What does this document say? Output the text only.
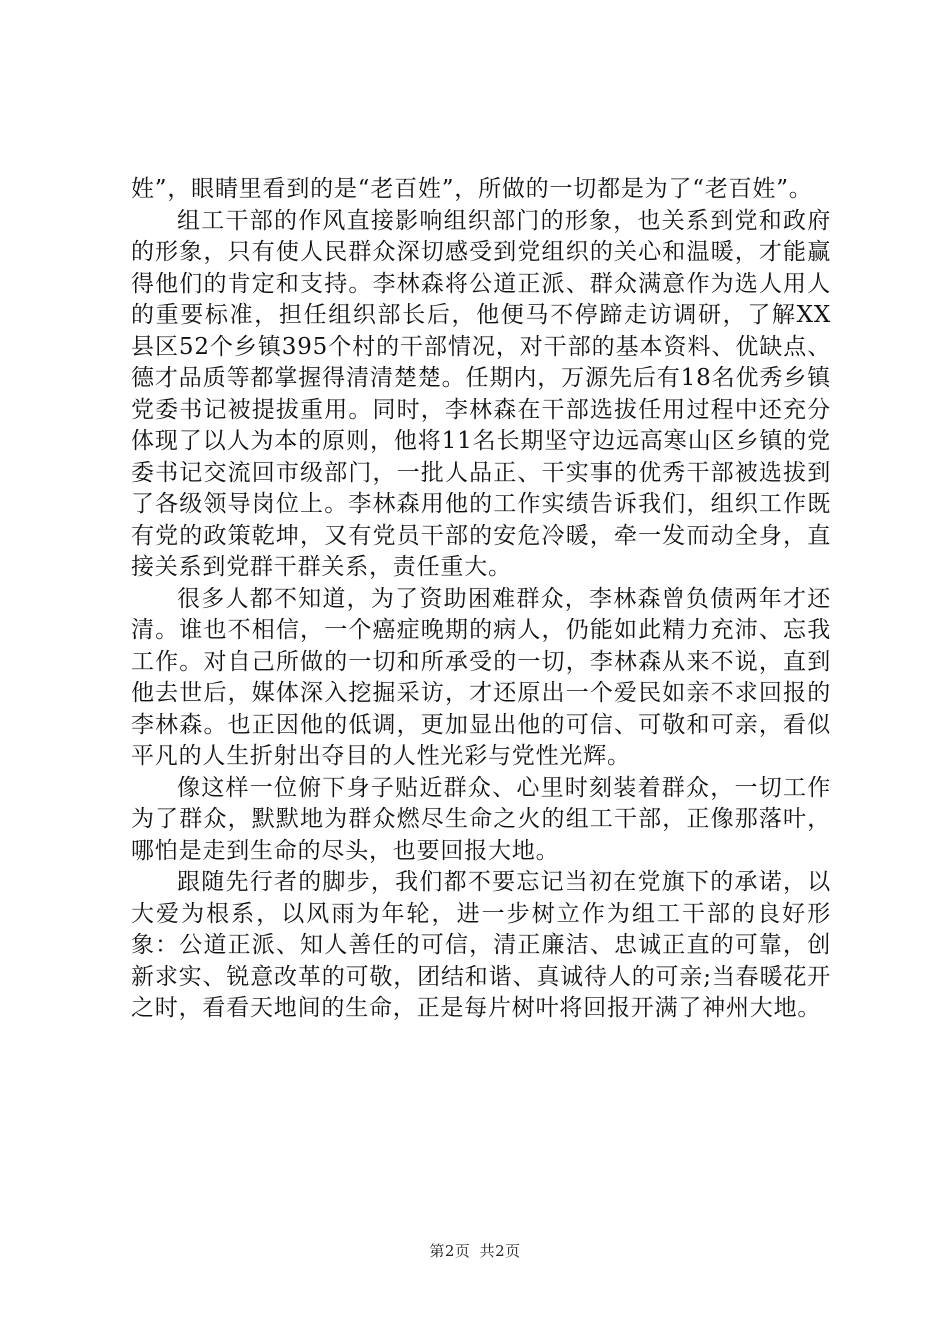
姓”，眼睛里看到的是“老百姓”，所做的一切都是为了“老百姓”。

组工干部的作风直接影响组织部门的形象，也关系到党和政府的形象，只有使人民群众深切感受到党组织的关心和温暖，才能赢得他们的肯定和支持。李林森将公道正派、群众满意作为选人用人的重要标准，担任组织部长后，他便马不停蹄走访调研，了解XX县区52个乡镇395个村的干部情况，对干部的基本资料、优缺点、德才品质等都掌握得清清楚楚。任期内，万源先后有18名优秀乡镇党委书记被提拔重用。同时，李林森在干部选拔任用过程中还充分体现了以人为本的原则，他将11名长期坚守边远高寒山区乡镇的党委书记交流回市级部门，一批人品正、干实事的优秀干部被选拔到了各级领导岗位上。李林森用他的工作实绩告诉我们，组织工作既有党的政策乾坤，又有党员干部的安危冷暖，牵一发而动全身，直接关系到党群干群关系，责任重大。

很多人都不知道，为了资助困难群众，李林森曾负债两年才还清。谁也不相信，一个癌症晚期的病人，仍能如此精力充沛、忘我工作。对自己所做的一切和所承受的一切，李林森从来不说，直到他去世后，媒体深入挖掘采访，才还原出一个爱民如亲不求回报的李林森。也正因他的低调，更加显出他的可信、可敬和可亲，看似平凡的人生折射出夺目的人性光彩与党性光辉。

像这样一位俯下身子贴近群众、心里时刻装着群众，一切工作为了群众，默默地为群众燃尽生命之火的组工干部，正像那落叶，哪怕是走到生命的尽头，也要回报大地。

跟随先行者的脚步，我们都不要忘记当初在党旗下的承诺，以大爱为根系，以风雨为年轮，进一步树立作为组工干部的良好形象：公道正派、知人善任的可信，清正廉洁、忠诚正直的可靠，创新求实、锐意改革的可敬，团结和谐、真诚待人的可亲;当春暖花开之时，看看天地间的生命，正是每片树叶将回报开满了神州大地。

第2页 共2页
